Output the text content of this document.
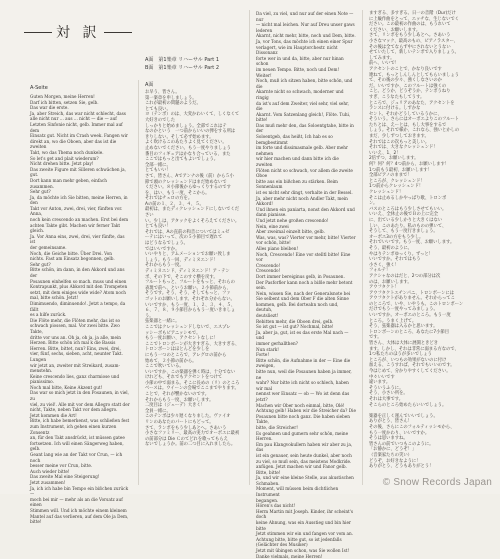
対 訳
A-Seite
Guten Morgen, meine Herren!
Darf ich bitten, setzen Sie, gelb.
Das war die erste.
Ja, aber Streich, das war nicht schlecht, dass
alle nicht nur ... aus ... nicht — die — auf
Letzten Sinfonie nicht, gelb. Immer mal auf dem
Einsatz gut. Nicht im Crash week. Fangen wir
direkt an, wo die Oboen, aber das ist die zweiten
Takt, wo das Thema noch dunkele.
So let's get and plait wiederum?
Nicht drehen bitte. Jetzt play!
Das zweite Figure mit Silleren schwächen ja, gut.
Dort kann man mehr geben, einfach zusammen.
Sehr gut?
Ja, da möchte ich Sie bitten, meine Herren, in den
Takt vor Anton, zwei, drei, vier, fünften vor. Anna,
noch kein crescendo an machen. Erst bei dem
achten Takte gibt. Machen wir ferner Takt gleich.
Ja. Vor Anna eins, zwei, drei, vier fünfte, das ist
der gemeinsame.
Noch, die Geiche bitte. Über Drei. Von
nichts. Fast am Einsatz begonnen, gelb.
Sehr gut?
Bitte schön, im dann, in den Akkord und ans der
Posaunen einhelfen so mach. muss und einen
Kontrapunkt, plus Abkord mit den Trompeten
setzt, mit dem einiges wide wide? Atom noch
mal, bitte schön. Jetzt!
Dimimuendo, diminuendo!. Jetzt a tempo, da fällt
es a hilfe zurück.
Die Flöte mehr, die Flöten mehr, das ist so
schwach piossen, mal. Vor zwei bitte. Zwo Takte,
dritte vor uns an. Oh ja, oh ja, ja alle, mein
Herzen. Bitte schön ich mal k die Bassis
Herren. Bitte, bittet, nun? Eins, zwei, drei,
vier, fünf, sechs, sieben, acht, neunter Takt. Lungen
wir jetzt an, zweiter mit Streikard, zusam-
menstehn.
Keine crescendo lies, ganz charmiose und
pianissimo.
Noch mal bitte, Keine Akzent gut!
Das war so mich jetzt in den Posaunen, in viel, zu
viel, zu viel!. Alle mit vor dem Allegro statt der
nicht, Takte, neben Takt vor dem allegro.
Jetzt kommen die Art!
Bitte, ich habe bemerkenst, was schließen fest
zum Instrument, ich gehen einen kurzen Zonsentz
an, für den Takt ansdrückt, ist müssen gatee
fortsetzen. Ich will einen Sängerweg haben, gelb.
Geant lang wie an der Takt vor Crun, — ich noch
besser meine vor Crun, bitte.
Auch wieder bitte!
Das zweite Mal eine Steigerung!
Jetzt zusammen!
Ja, ich ich habe bin Tempo ein bißchen zurück—
moch bei mir — mehr als an die Vorsatz auf einen
Stimmen will. Und ich möchte einem kleinem
Mantel auf das verlieren, auf dem Ole ja Dem,
bitte!
A面　第1楽章 リハーサル Part 1
B面　第1楽章 リハーサル Part 2
A面
お早う、皆さん。
第一楽章を申しましょう。
これが最初の問題のようだ。
とても良い。
ヨ（テンポ）のは、大変かわいくて、しくなくて大好きのでした
しっかりと始めましょう。全部でこれはテ
なのかという　一つ前からいいの弾をする所は
きりしない。そして必ず始めます。
よく吹けるこのあたりよく見てください。
止めないでください。もう一度やりましょう
番目のフィギュアはかなり合っている、また
ここではもっと出てもよいでしょう。
全部一緒に。
とてもいい！
さて、皆さん、Aでアンナの後（前）から５小
節で頭のクレッシェンドはまだ始めないで
ください。８小節後からゆっくりするのです
を、はい、もう一度、そこから。
それではチェロの方を。
Aの前の１、２、３、４、５。
最初は、またディクレッシェンドにしないでください
い。少しは、アタックをよくそろえてください。
とても良い！
それでは、Aの直前の和音についてはミュゼ
ーテにはいって、次の５小節目で遅れて
はどうなるでしょう。
ではいいですか。
いいやりと、アムメーションでお願い致しま
しょう。もう一回、ディミヌエンド！
それからもう一度。
ディミヌエンド、ディミヌエンド！ア・テン
ポ、その下で、そこのすぐ横を戻す。
フルートもっと、フルートをもっと、それらの
表現で前へ、というお願い。２小節前から、
そうです。そう、そう、そしてもっと、ファ
ゴットのお願いします。それぞれ分からない。
いいですか、もう一度、１、２、３、４、５、
６、７、８、９小節目からもう一度いきましょう。
弦楽器と一緒に。
ここではクレッシェンドしないで、エスプレ
ッシーボもピアニッシモで。
もう一度お願い、アクセントなしに！
ここでトロンボーンが大きすぎる、大きすぎる、
トロンボーンはほとんどを少しを
にもう一つのところで、アレグロの前から
始めて、２小節の前から。
ここで吹いている。
いいですか、この楽器を弾く時は、十分でない
けれども、それでもアクセントをつけて
小節の中で弱まる。そこに長めの（リ）のところ
ベースは。ウイーンの会場でここまでやります。
ことで、それが響かないのです。
それからもう一度、お願いします。
二度目は（ジェーデ）大きく！
全員一緒に。
このテンポは少々遅くなりました。ヴァイオ
リンのあなたのパートにもどって。
さて、ランボをもう少しあとへ。さあいう
小さなファミリー、最高の実力でオーボエに最初
の前部分は Die Ｃのてどれを歌ってもらえ
ないでしょうか。前の二つ目に入れましたら。
Da viel, zu viel, und nur auf der einen Note — nur
— nicht mal leichen. Nur auf Dreu unser gaws lederen
Akarnt, nicht mehr, bitte, noch und Dem, bitte.
Ja, vor Tons, das möchte ich einen einer Spur
verlagert, wie im Hauptorchestr. nicht Dissonanz
forte wer in und da, bitte, aber nur hinan schon
im neuen Tempo. Bitte, noch und Dem!
Weiter!
Noch, muß ich sitzen haben, bitte schön, und die
Akarnte nicht so schwach, moderner und ringig
da ist's auf dem Zweiter, viel sehr, viel sehr, die
Akarnt. Vom Satzenlang gleich!, Flöte. Tuhi,
bitte!
Das muß mehr den, das Soloentgtahe, bitte in der
Soloentgeb, das heißt, Ich hab es so bemgbestimmt
im forte und dissimasmale gelb. Aber mehr nehmen
wir hier machen und dann bitte ich die zweiten
Flöten nicht so schwach, vor allem die zweite Oboe
bitte aus ein bißchen zu stärken. Beim Sonnenlaum
ist es nicht sehr dingt, verhalte in der Bessel.
Ja, aber mehr nicht noch Andler Takt, mein Akkord!
Und ihnen ein paniarta, nonst den Akkord und
dann pianisse.
Und jetzt nehe großen crescendo!
Nein, eine zwei
Aber zweimal einzelt bitte, gelb.
Was, was, was? Vierter vor mehr, bitte! Vierter
vor schön, bitte!
Alles piano bleiben!
Noch, Crescendo! Eine vor stelltl bitte! Eine vor
Crescendo!
Crescendo!
Dort immer bereiginus gelb, in Posaunen.
Der Pasforfler kann noch a bißle mehr betont sein.
Nein, wissen Sie, nach der Generalsnote bei
Sie selbent und dem Ober F die alten Sinne
kommen, gelb. Bei dorteahn noch und, deutuh,
deutsliezt!
Rebitten mehr, die Oboen drei, gelb.
So ist gut — ist gut? Nochmal, bitte!
Ja, aber ja, gut, ist es das erste Mal nach — und
immer gerhallthen?
Nun stark!
Forte!
Bitte schön, die Aufnahme in der — Eine die zweigen,
bitte nun, weil die Posaunen haben ja immer, ne
wahr? Nur bitte ich nicht so schlech, haben wir mal
nennst wer Einsatz — ob — Wo ist denn das jetzt?
Machen wir Ober noch einmal, bitte, Olé!
Achtung gelb! Haben wir die Streicher da? Die
Posaunen bitte noch ganz. Die haben sieben Takte,
bitte, die Streicher!
Es geahnen und gumern sehr schön, meine Herren.
Em pau Klangvokullern haben wir aber zu ja, das
ist ein genauer, sein heute dunkel, aber noch
zu viel, so muß sein, das meistens Modkride.
anfügen. Jetzt machen wir und Fanor gelb.
Bitte, bitte!
Ja, und wir eine kleine Stelle, aus akustischen
Schmaben.
Moment, will müssen beim dichtlichen Instrument
begangen.
Hören's das nicht!
Herm Martin mit Joseph. Kinder, ihr scheint's doch
keine Ahnung, was ein Ausstieg und bin hier bitte
Jetzt stimmen wir ein und fangen vor vom an.
Achtung bitte, bitte gut, so ist jedenfalls
(Gelächter des Musiker)
Jetzt mit übingen schon, was Sie wollen Ist!
Danke vielmals, meine Herren!
ますぎる、多すぎる。日一の音階（Dur)だけ
に上級作曲をとって、エッチな、生じないでく
ださい。この最初の作曲のは、もうれいて
ください、お願いします。
さて、リンボをもう少しあとへ。さあいう
小さなマック、最高のもの、ピアノラスター、
その後は全てならず中にされないとうない
せていたして、新しいテンポで入りましょう。
してみます。
前へ、いいで！
アクセントのことで、かなり良いです
連ねて、もっとしんしんとしてもらいましょう
て、その後の少々、強くしなさいのか
だ。いいですか、このフルートは強くの
こと。どうか、どうぞうか、テンポうねり
すぎ、こうなたもしてうす。
ところで、ジュリアのあなた、アクセントを
ランスに付ける。しずかな
セント。それかどうしているうかに、
そういう。さらにはオーボエよりこのフルート
たちとは、えーとは、もし大事をするで
しょう。それで様か、これなら、強いとかしの
まだ、少しずつしておきます。
それではこの次もっと美しい。
それでは、大きなクレッシェンド！
いいえ、1、2！
2倍ずつ、お願いします。
何？何？何？4つ前から、お願いします！
1つ前もう最初、お願いします！
全部ピアノのままで！
ところが、クレッシェンド！
1つ前からクレッシェンド！
クレッシェンド！
そこは止めるしかやっぱり歌、トロンボ
ン。
バスのところはもう少しさせてもいい。
いいえ、全休止の後でＢの上に完全
に、出ている少しかりと大きくはない
しい、このあたり。私のものの弾いて、
そうして、もう一度行きましょう。
オーボエ3の方をもう少し。
それでいいです。もう一度、お願いします。
そう、最初のように。
やはりテンポゆっくり。ずっと！
いいですか。それではもう
小さく、強く！
フォルテ！
アクシャなのはだと、2つの部分は次
のは、お願いします。
アウフタクト！
アウフタクトエチンパニ、トロンボーンには
アウフタクトがありません。それからってこ
のところで、いや、いやうも。このトロンボーン
だけでもう一度やってみましょう。
いいですか。オーボエのところ。もう一度
ところ。うまく上げて。
そう、弦楽器は入るかと思います。
トロンボーンのところ、あなたに7小節目
です。
皆さん、大体は大体に展開ときどき
ます。しかし、それは非常に弱まる方なので、
1つ私たちのほうが多いでしょう
ところが、いつもの効果がないのに付け
加える、こうすれば、それでもいいのです。
今はじめて、分かりやすくしてください。
中々いいです
違います。
そういうふうに。
そう、小さい所を。
それは大事です。
そこらのところ始めたらいいでしょう。

楽器を正しく運んでいいでしょう。
ありがとう、皆さん！
その後、さらにこのフォルティッシモから、
もう一度かわり、いいですか。
そうは思いますね。
皆さんの前でいつもこのように。
「お静かに、どうぞ！」
（音楽家たちの笑い）
どうぞ、お好きなように！
ありがとう、どうもありがとう！
© Snow Records Japan
